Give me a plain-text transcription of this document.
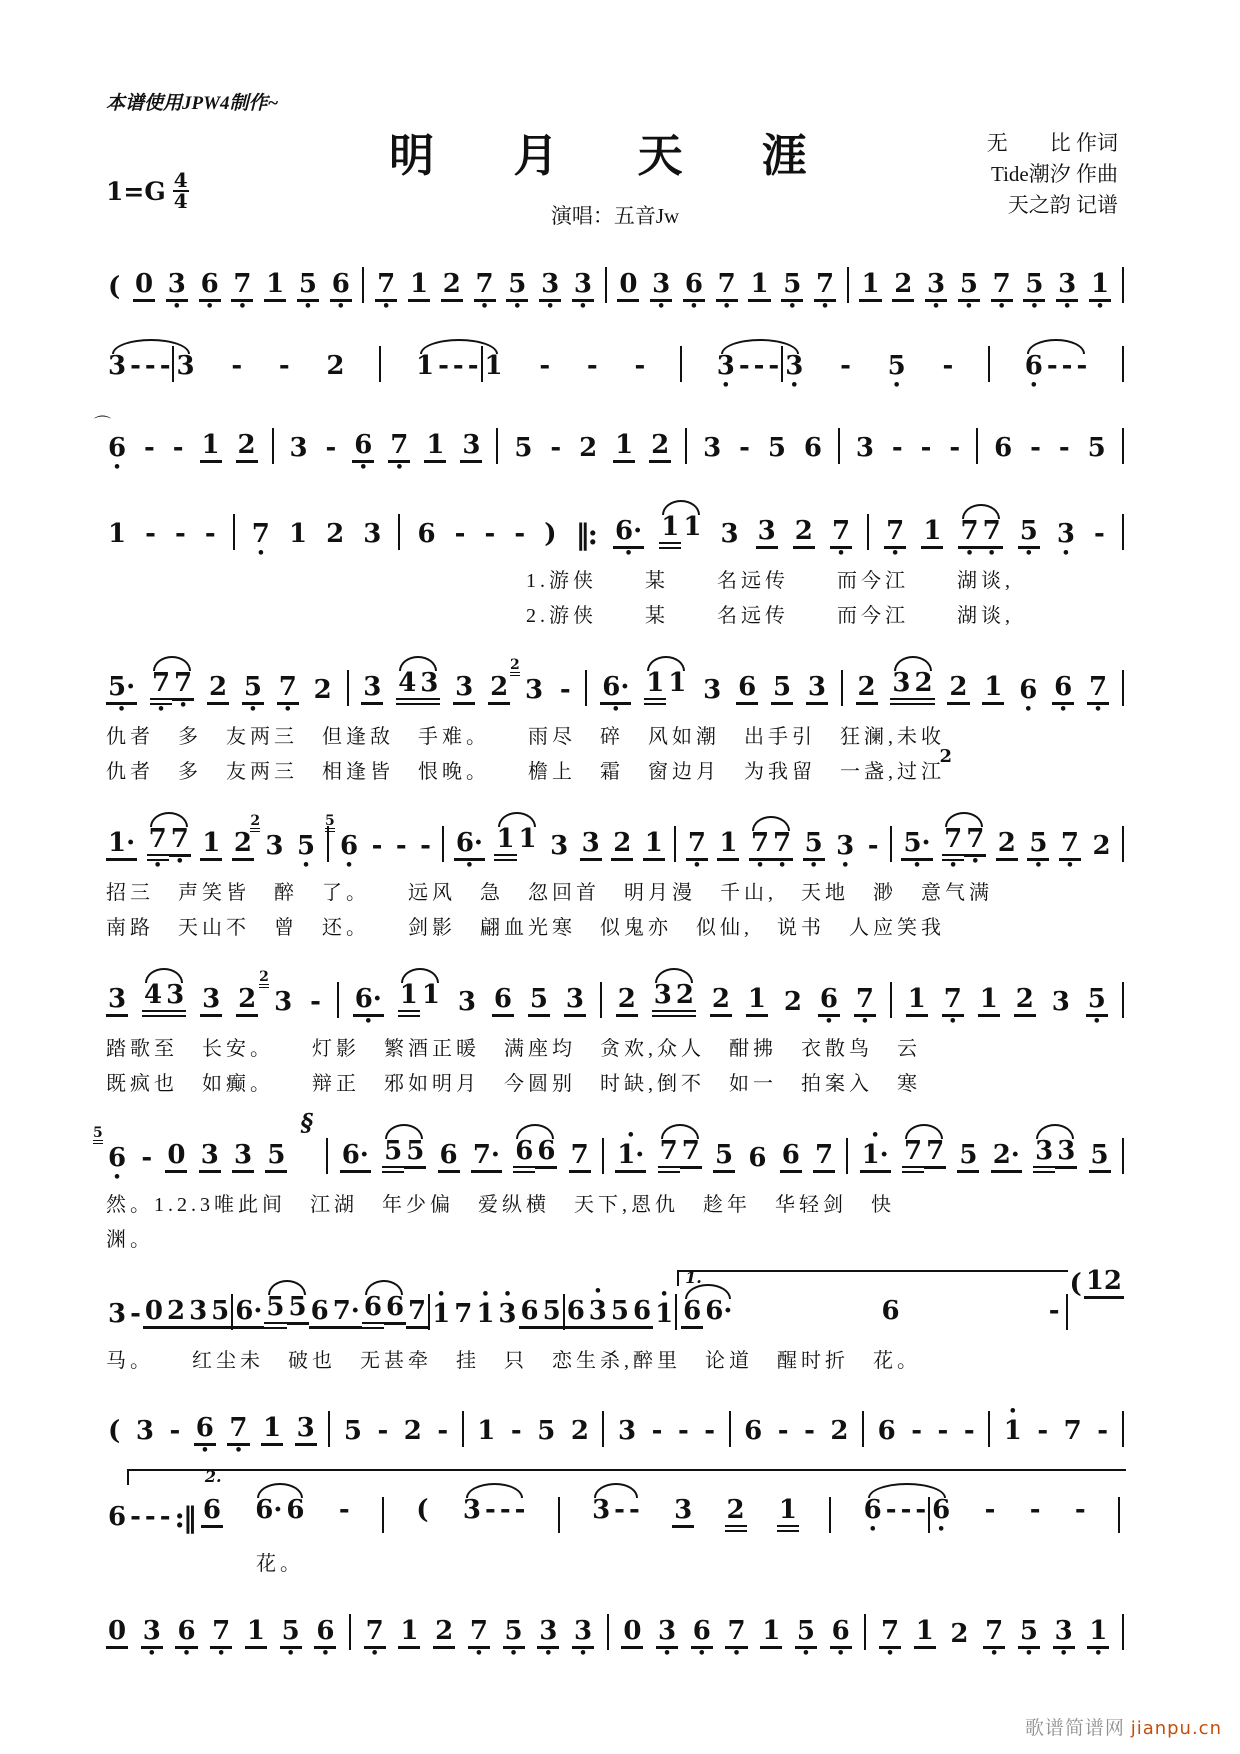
本谱使用JPW4制作~
明 月 天 涯	无　　比 作词
Tide潮汐 作曲
天之韵 记谱
演唱：五音Jw
$1=G \frac{4}{4}$
( 0 3
•
6
•
7
•
1 5
•
6
•
7
•
1 2 7
•
5
•
3
•
3
•
0 3
•
6
•
7
•
1 5
•
7
•
1 2 3
•
5
•
7
•
5
•
3
•
1
•
3 - - - 3 - - 2	1 - - - 1 - - -	3
•
- - - 3
•
- 5
•
-	6
•
- - -
⌒
6
•
- - 1 2 3 - 6
•
7
•
1 3 5 - 2 1 2 3 - 5 6 3 - - - 6 - - 5
1 - - - 7
•
1 2 3 6 - - - ) ‖: 6·
•
1 1 3 3 2 7
•
7
•
1 7
•
7
•
5
•
3
•
-
1.游侠　　某　　名远传　　而今江　　湖谈,
2.游侠　　某　　名远传　　而今江　　湖谈,
5·
•
7
•
7
•
2 5
•
7
•
2 3 4 3 3 2
2
3 - 6·
•
1 1 3 6 5 3 2 3 2 2 1 6
•
6
•
7
•
仇者　多　友两三　但逢敌　手难。　　雨尽　碎　风如潮　出手引　狂澜,未收
仇者　多　友两三　相逢皆　恨晚。　　檐上　霜　窗边月　为我留　一盏,过江
2
1· 7
•
7
•
1 2
2
3 5
•
5
6
•
- - - 6·
•
1 1 3 3 2 1 7
•
1 7
•
7
•
5
•
3
•
- 5·
•
7
•
7
•
2 5
•
7
•
2
招三　声笑皆　醉　了。　　远风　急　忽回首　明月漫　千山,　天地　渺　意气满
南路　天山不　曾　还。　　剑影　翩血光寒　似鬼亦　似仙,　说书　人应笑我
3 4 3 3 2
2
3 - 6·
•
1 1 3 6 5 3 2 3 2 2 1 2 6
•
7
•
1 7
•
1 2 3 5
•
踏歌至　长安。　　灯影　繁酒正暖　满座均　贪欢,众人　酣拂　衣散鸟　云
既疯也　如癫。　　辩正　邪如明月　今圆别　时缺,倒不　如一　拍案入　寒
5
6
•
- 0 3 3 5
§
6· 5 5 6 7· 6 6 7
•
1· 7 7 5 6 6 7
•
1· 7 7 5 2· 3 3 5
然。1.2.3唯此间　江湖　年少偏　爱纵横　天下,恩仇　趁年　华轻剑　快
渊。
3 - 0 2 3 5 6· 5 5 6 7· 6 6 7
•
1 7
•
1
•
3 6 5 6
•
3 5 6
•
1
1.
6 6·	6	-
( 12
马。　　红尘未　破也　无甚牵　挂　只　恋生杀,醉里　论道　醒时折　花。
( 3 - 6
•
7
•
1 3 5 - 2 - 1 - 5 2 3 - - - 6 - - 2 6 - - -
•
1 - 7 -
6 - - - :‖
2.
6 6· 6 -	( 3 - - -	3 - - 3 2 1	6
•
- - - 6
•
- - -
花。
0 3
•
6
•
7
•
1 5
•
6
•
7
•
1 2 7
•
5
•
3
•
3
•
0 3
•
6
•
7
•
1 5
•
6
•
7
•
1 2 7
•
5
•
3
•
1
•
歌谱简谱网 jianpu.cn
